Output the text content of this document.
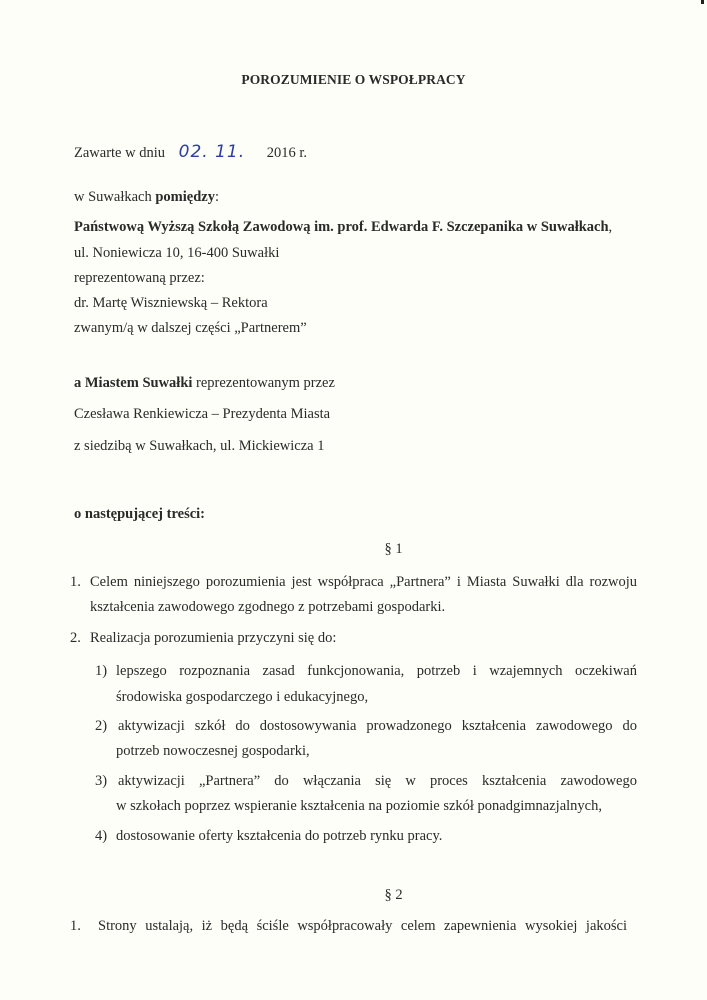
POROZUMIENIE O WSPOŁPRACY
Zawarte w dniu 02. 11. 2016 r.
w Suwałkach pomiędzy:
Państwową Wyższą Szkołą Zawodową im. prof. Edwarda F. Szczepanika w Suwałkach,
ul. Noniewicza 10, 16-400 Suwałki
reprezentowaną przez:
dr. Martę Wiszniewską – Rektora
zwanym/ą w dalszej części „Partnerem”
a Miastem Suwałki reprezentowanym przez
Czesława Renkiewicza – Prezydenta Miasta
z siedzibą w Suwałkach, ul. Mickiewicza 1
o następującej treści:
§ 1
1. Celem niniejszego porozumienia jest współpraca „Partnera” i Miasta Suwałki dla rozwoju
kształcenia zawodowego zgodnego z potrzebami gospodarki.
2. Realizacja porozumienia przyczyni się do:
1) lepszego rozpoznania zasad funkcjonowania, potrzeb i wzajemnych oczekiwań
środowiska gospodarczego i edukacyjnego,
2) aktywizacji szkół do dostosowywania prowadzonego kształcenia zawodowego do
potrzeb nowoczesnej gospodarki,
3) aktywizacji „Partnera” do włączania się w proces kształcenia zawodowego
w szkołach poprzez wspieranie kształcenia na poziomie szkół ponadgimnazjalnych,
4) dostosowanie oferty kształcenia do potrzeb rynku pracy.
§ 2
1. Strony ustalają, iż będą ściśle współpracowały celem zapewnienia wysokiej jakości
